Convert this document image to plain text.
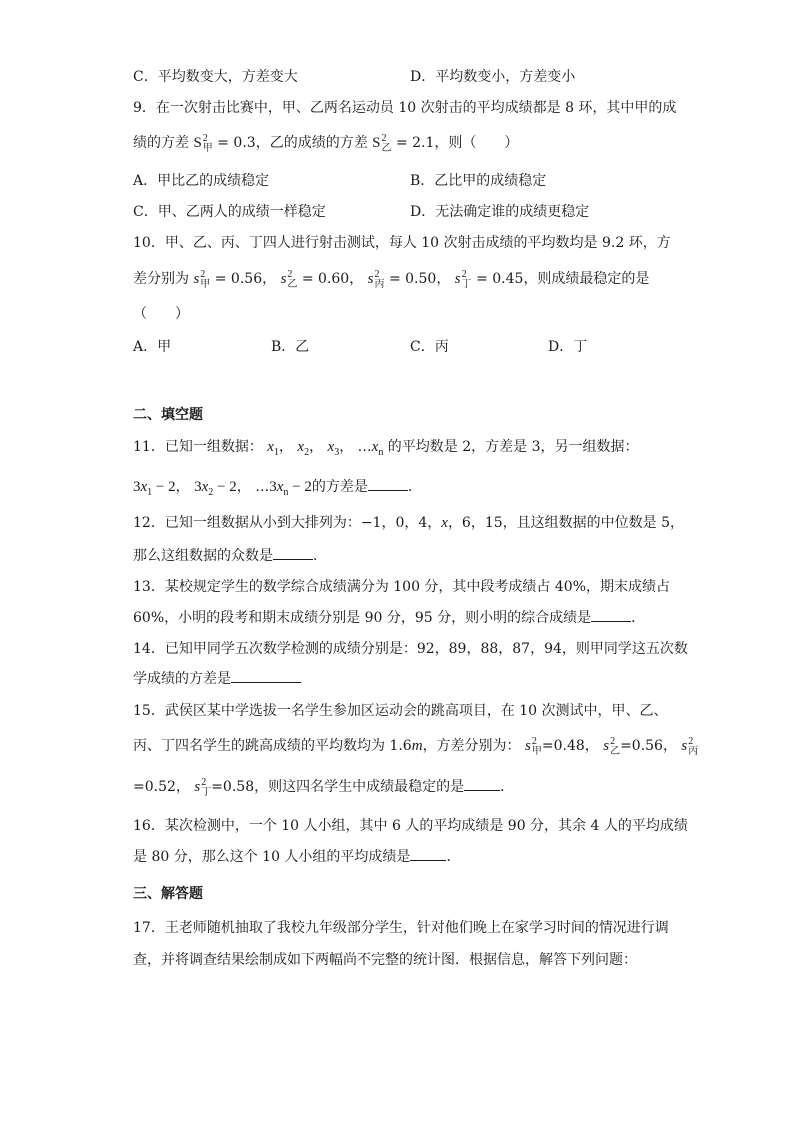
C．平均数变大，方差变大	D．平均数变小，方差变小
9．在一次射击比赛中，甲、乙两名运动员 10 次射击的平均成绩都是 8 环，其中甲的成
绩的方差 S 2
甲 = 0.3，乙的成绩的方差 S 2
乙 = 2.1，则（　　）
A．甲比乙的成绩稳定	B．乙比甲的成绩稳定
C．甲、乙两人的成绩一样稳定	D．无法确定谁的成绩更稳定
10．甲、乙、丙、丁四人进行射击测试，每人 10 次射击成绩的平均数均是 9.2 环，方
差分别为 s 2
甲 = 0.56， s 2
乙 = 0.60， s 2
丙 = 0.50， s 2
丁 = 0.45，则成绩最稳定的是
（　　）
A．甲	B．乙	C．丙	D．丁
二、填空题
11．已知一组数据： $x_1$， $x_2$， $x_3$， $\dots x_n$ 的平均数是 2，方差是 3，另一组数据：
$3x_1 - 2$， $3x_2 - 2$， $\dots 3x_n - 2$的方差是	．
12．已知一组数据从小到大排列为：−1，0，4，x，6，15，且这组数据的中位数是 5，
那么这组数据的众数是	．
13．某校规定学生的数学综合成绩满分为 100 分，其中段考成绩占 40%，期末成绩占
60%，小明的段考和期末成绩分别是 90 分，95 分，则小明的综合成绩是	．
14．已知甲同学五次数学检测的成绩分别是：92，89，88，87，94，则甲同学这五次数
学成绩的方差是
15．武侯区某中学选拔一名学生参加区运动会的跳高项目，在 10 次测试中，甲、乙、
丙、丁四名学生的跳高成绩的平均数均为 1.6m，方差分别为： s 2
甲 =0.48， s 2
乙 =0.56， s 2
丙
=0.52， s 2
丁 =0.58，则这四名学生中成绩最稳定的是	．
16．某次检测中，一个 10 人小组，其中 6 人的平均成绩是 90 分，其余 4 人的平均成绩
是 80 分，那么这个 10 人小组的平均成绩是	．
三、解答题
17．王老师随机抽取了我校九年级部分学生，针对他们晚上在家学习时间的情况进行调
查，并将调查结果绘制成如下两幅尚不完整的统计图．根据信息，解答下列问题：
